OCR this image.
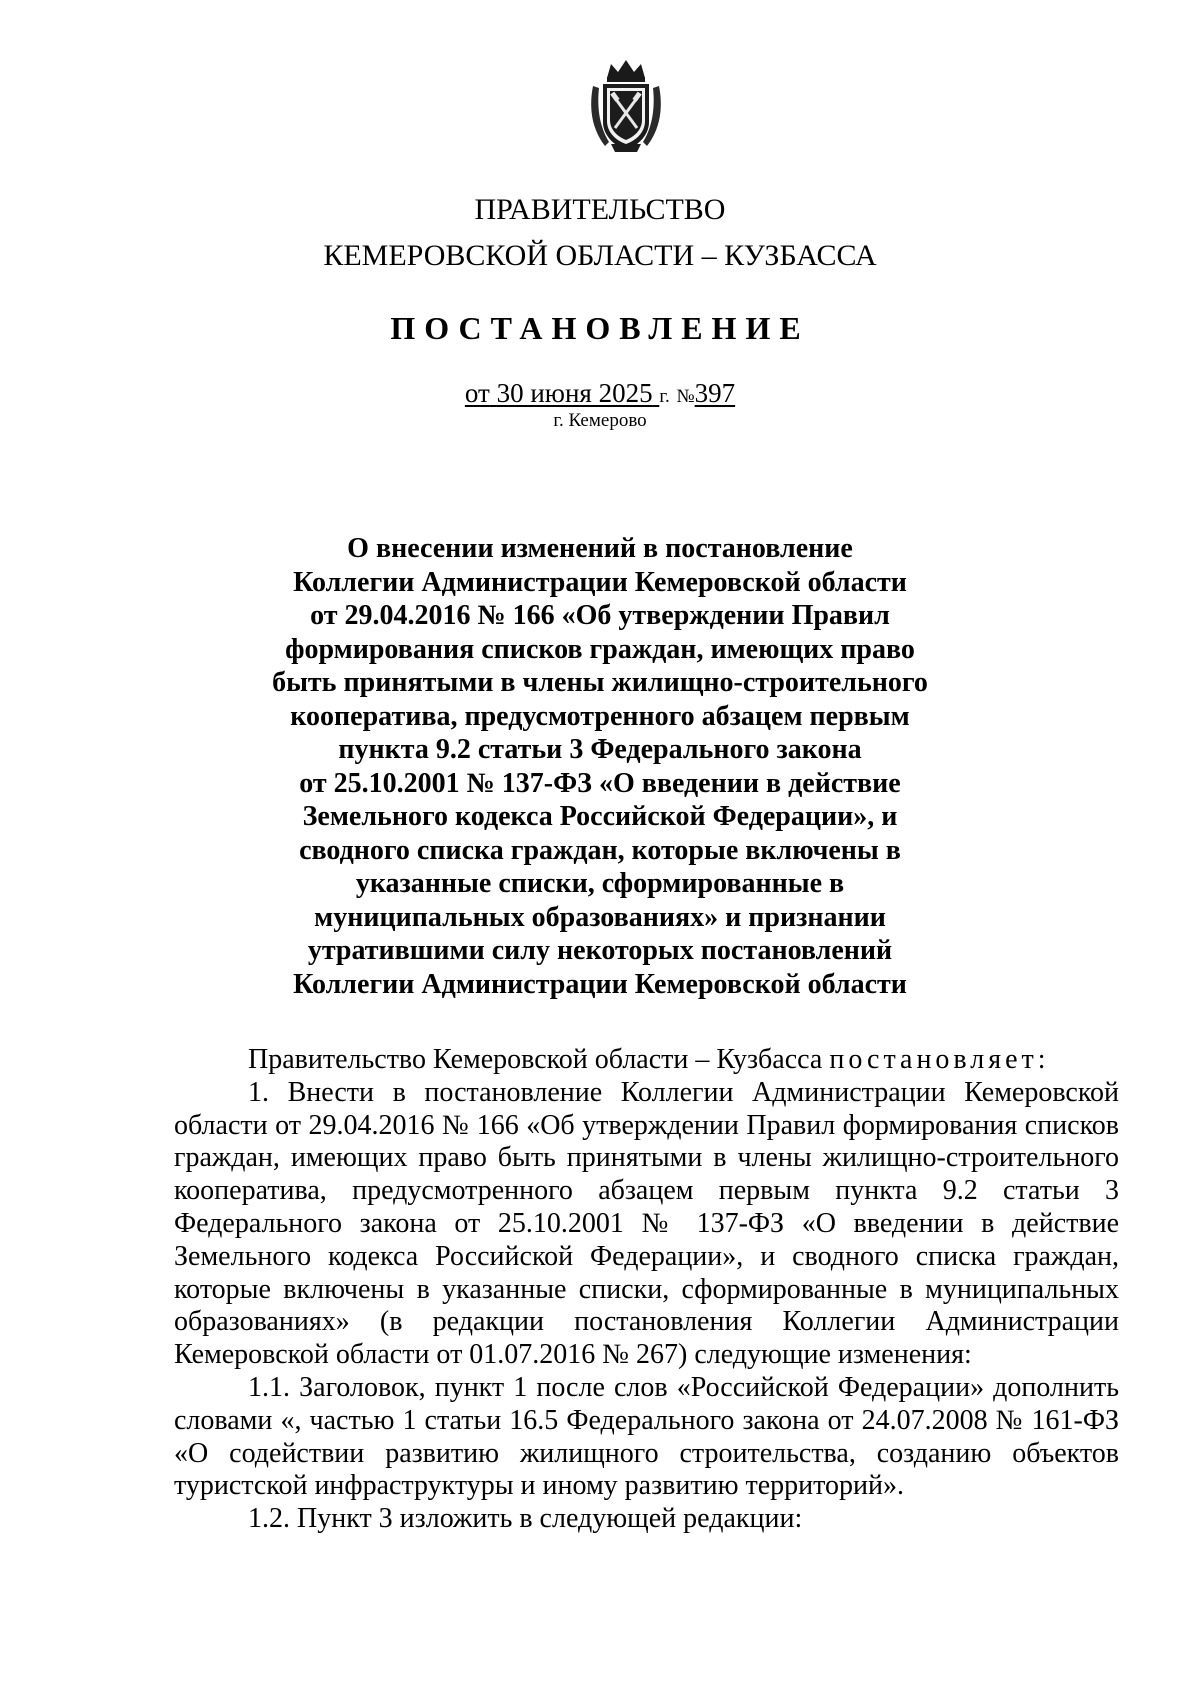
ПРАВИТЕЛЬСТВО
КЕМЕРОВСКОЙ ОБЛАСТИ – КУЗБАССА
ПОСТАНОВЛЕНИЕ
от 30 июня 2025 г. №397
г. Кемерово
О внесении изменений в постановление
Коллегии Администрации Кемеровской области
от 29.04.2016 № 166 «Об утверждении Правил
формирования списков граждан, имеющих право
быть принятыми в члены жилищно-строительного
кооператива, предусмотренного абзацем первым
пункта 9.2 статьи 3 Федерального закона
от 25.10.2001 № 137-ФЗ «О введении в действие
Земельного кодекса Российской Федерации», и
сводного списка граждан, которые включены в
указанные списки, сформированные в
муниципальных образованиях» и признании
утратившими силу некоторых постановлений
Коллегии Администрации Кемеровской области

Правительство Кемеровской области – Кузбасса постановляет:

1. Внести в постановление Коллегии Администрации Кемеровской области от 29.04.2016 № 166 «Об утверждении Правил формирования списков граждан, имеющих право быть принятыми в члены жилищно-строительного кооператива, предусмотренного абзацем первым пункта 9.2 статьи 3 Федерального закона от 25.10.2001 № 137-ФЗ «О введении в действие Земельного кодекса Российской Федерации», и сводного списка граждан, которые включены в указанные списки, сформированные в муниципальных образованиях» (в редакции постановления Коллегии Администрации Кемеровской области от 01.07.2016 № 267) следующие изменения:

1.1. Заголовок, пункт 1 после слов «Российской Федерации» дополнить словами «, частью 1 статьи 16.5 Федерального закона от 24.07.2008 № 161-ФЗ «О содействии развитию жилищного строительства, созданию объектов туристской инфраструктуры и иному развитию территорий».

1.2. Пункт 3 изложить в следующей редакции:
